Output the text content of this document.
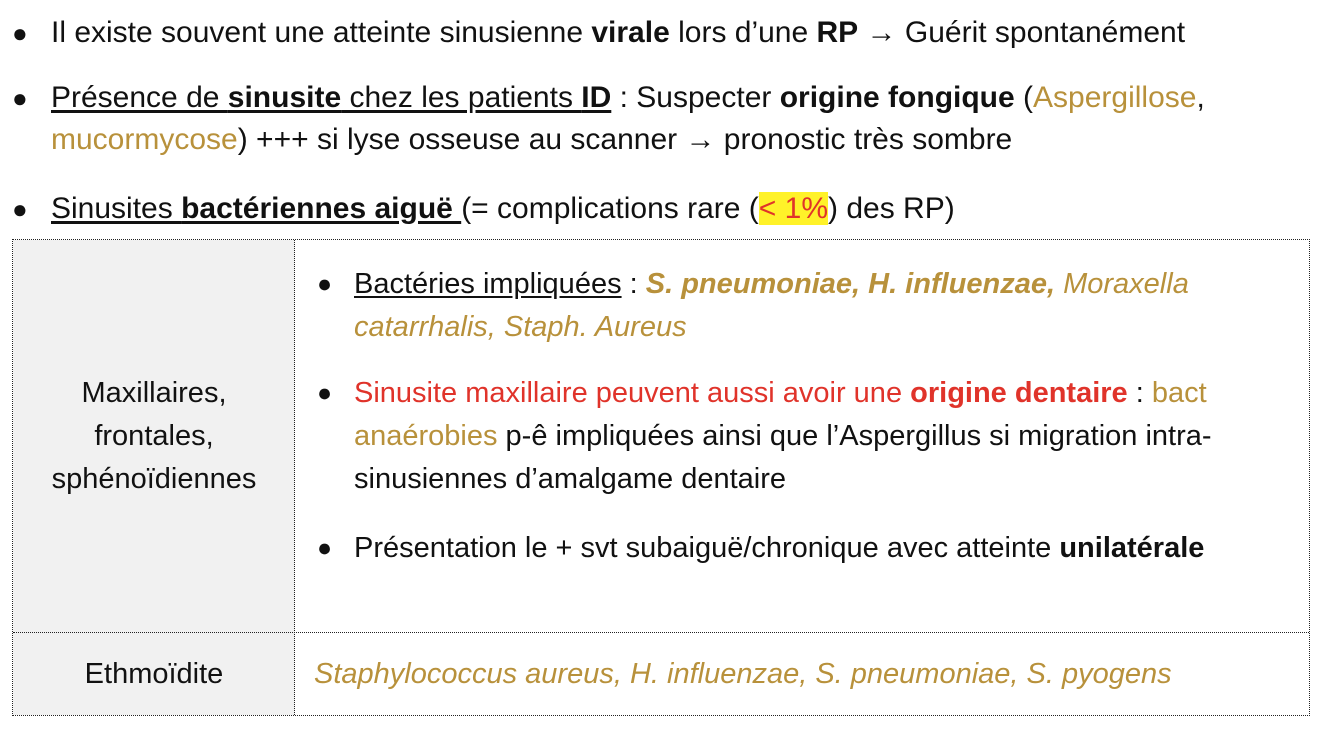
● Il existe souvent une atteinte sinusienne virale lors d’une RP → Guérit spontanément
● Présence de sinusite chez les patients ID : Suspecter origine fongique (Aspergillose, mucormycose) +++ si lyse osseuse au scanner → pronostic très sombre
● Sinusites bactériennes aiguë (= complications rare (< 1%) des RP)
Maxillaires,
frontales,
sphénoïdiennes
● Bactéries impliquées : S. pneumoniae, H. influenzae, Moraxella catarrhalis, Staph. Aureus
● Sinusite maxillaire peuvent aussi avoir une origine dentaire : bact anaérobies p-ê impliquées ainsi que l’Aspergillus si migration intra-sinusiennes d’amalgame dentaire
● Présentation le + svt subaiguë/chronique avec atteinte unilatérale
Ethmoïdite	Staphylococcus aureus, H. influenzae, S. pneumoniae, S. pyogens
